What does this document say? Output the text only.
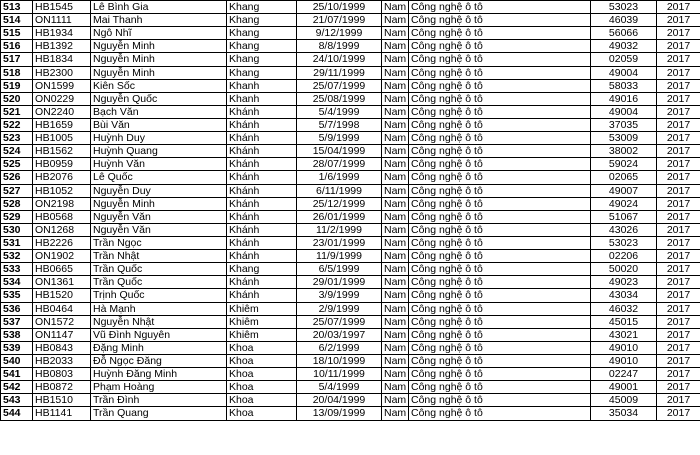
513	HB1545	Lê Bình Gia	Khang	25/10/1999	Nam	Công nghệ ô tô	53023	2017
514	ON1111	Mai Thanh	Khang	21/07/1999	Nam	Công nghệ ô tô	46039	2017
515	HB1934	Ngô Nhĩ	Khang	9/12/1999	Nam	Công nghệ ô tô	56066	2017
516	HB1392	Nguyễn Minh	Khang	8/8/1999	Nam	Công nghệ ô tô	49032	2017
517	HB1834	Nguyễn Minh	Khang	24/10/1999	Nam	Công nghệ ô tô	02059	2017
518	HB2300	Nguyễn Minh	Khang	29/11/1999	Nam	Công nghệ ô tô	49004	2017
519	ON1599	Kiên Sốc	Khanh	25/07/1999	Nam	Công nghệ ô tô	58033	2017
520	ON0229	Nguyễn Quốc	Khanh	25/08/1999	Nam	Công nghệ ô tô	49016	2017
521	ON2240	Bạch Văn	Khánh	5/4/1999	Nam	Công nghệ ô tô	49004	2017
522	HB1659	Bùi Văn	Khánh	5/7/1998	Nam	Công nghệ ô tô	37035	2017
523	HB1005	Huỳnh Duy	Khánh	5/9/1999	Nam	Công nghệ ô tô	53009	2017
524	HB1562	Huỳnh Quang	Khánh	15/04/1999	Nam	Công nghệ ô tô	38002	2017
525	HB0959	Huỳnh Văn	Khánh	28/07/1999	Nam	Công nghệ ô tô	59024	2017
526	HB2076	Lê Quốc	Khánh	1/6/1999	Nam	Công nghệ ô tô	02065	2017
527	HB1052	Nguyễn Duy	Khánh	6/11/1999	Nam	Công nghệ ô tô	49007	2017
528	ON2198	Nguyễn Minh	Khánh	25/12/1999	Nam	Công nghệ ô tô	49024	2017
529	HB0568	Nguyễn Văn	Khánh	26/01/1999	Nam	Công nghệ ô tô	51067	2017
530	ON1268	Nguyễn Văn	Khánh	11/2/1999	Nam	Công nghệ ô tô	43026	2017
531	HB2226	Trần Ngọc	Khánh	23/01/1999	Nam	Công nghệ ô tô	53023	2017
532	ON1902	Trần Nhật	Khánh	11/9/1999	Nam	Công nghệ ô tô	02206	2017
533	HB0665	Trần Quốc	Khang	6/5/1999	Nam	Công nghệ ô tô	50020	2017
534	ON1361	Trần Quốc	Khánh	29/01/1999	Nam	Công nghệ ô tô	49023	2017
535	HB1520	Trịnh Quốc	Khánh	3/9/1999	Nam	Công nghệ ô tô	43034	2017
536	HB0464	Hà Mạnh	Khiêm	2/9/1999	Nam	Công nghệ ô tô	46032	2017
537	ON1572	Nguyễn Nhật	Khiêm	25/07/1999	Nam	Công nghệ ô tô	45015	2017
538	ON1147	Vũ Đình Nguyên	Khiêm	20/03/1997	Nam	Công nghệ ô tô	43021	2017
539	HB0843	Đặng Minh	Khoa	6/2/1999	Nam	Công nghệ ô tô	49010	2017
540	HB2033	Đỗ Ngọc Đăng	Khoa	18/10/1999	Nam	Công nghệ ô tô	49010	2017
541	HB0803	Huỳnh Đăng Minh	Khoa	10/11/1999	Nam	Công nghệ ô tô	02247	2017
542	HB0872	Phạm Hoàng	Khoa	5/4/1999	Nam	Công nghệ ô tô	49001	2017
543	HB1510	Trần Đình	Khoa	20/04/1999	Nam	Công nghệ ô tô	45009	2017
544	HB1141	Trần Quang	Khoa	13/09/1999	Nam	Công nghệ ô tô	35034	2017
